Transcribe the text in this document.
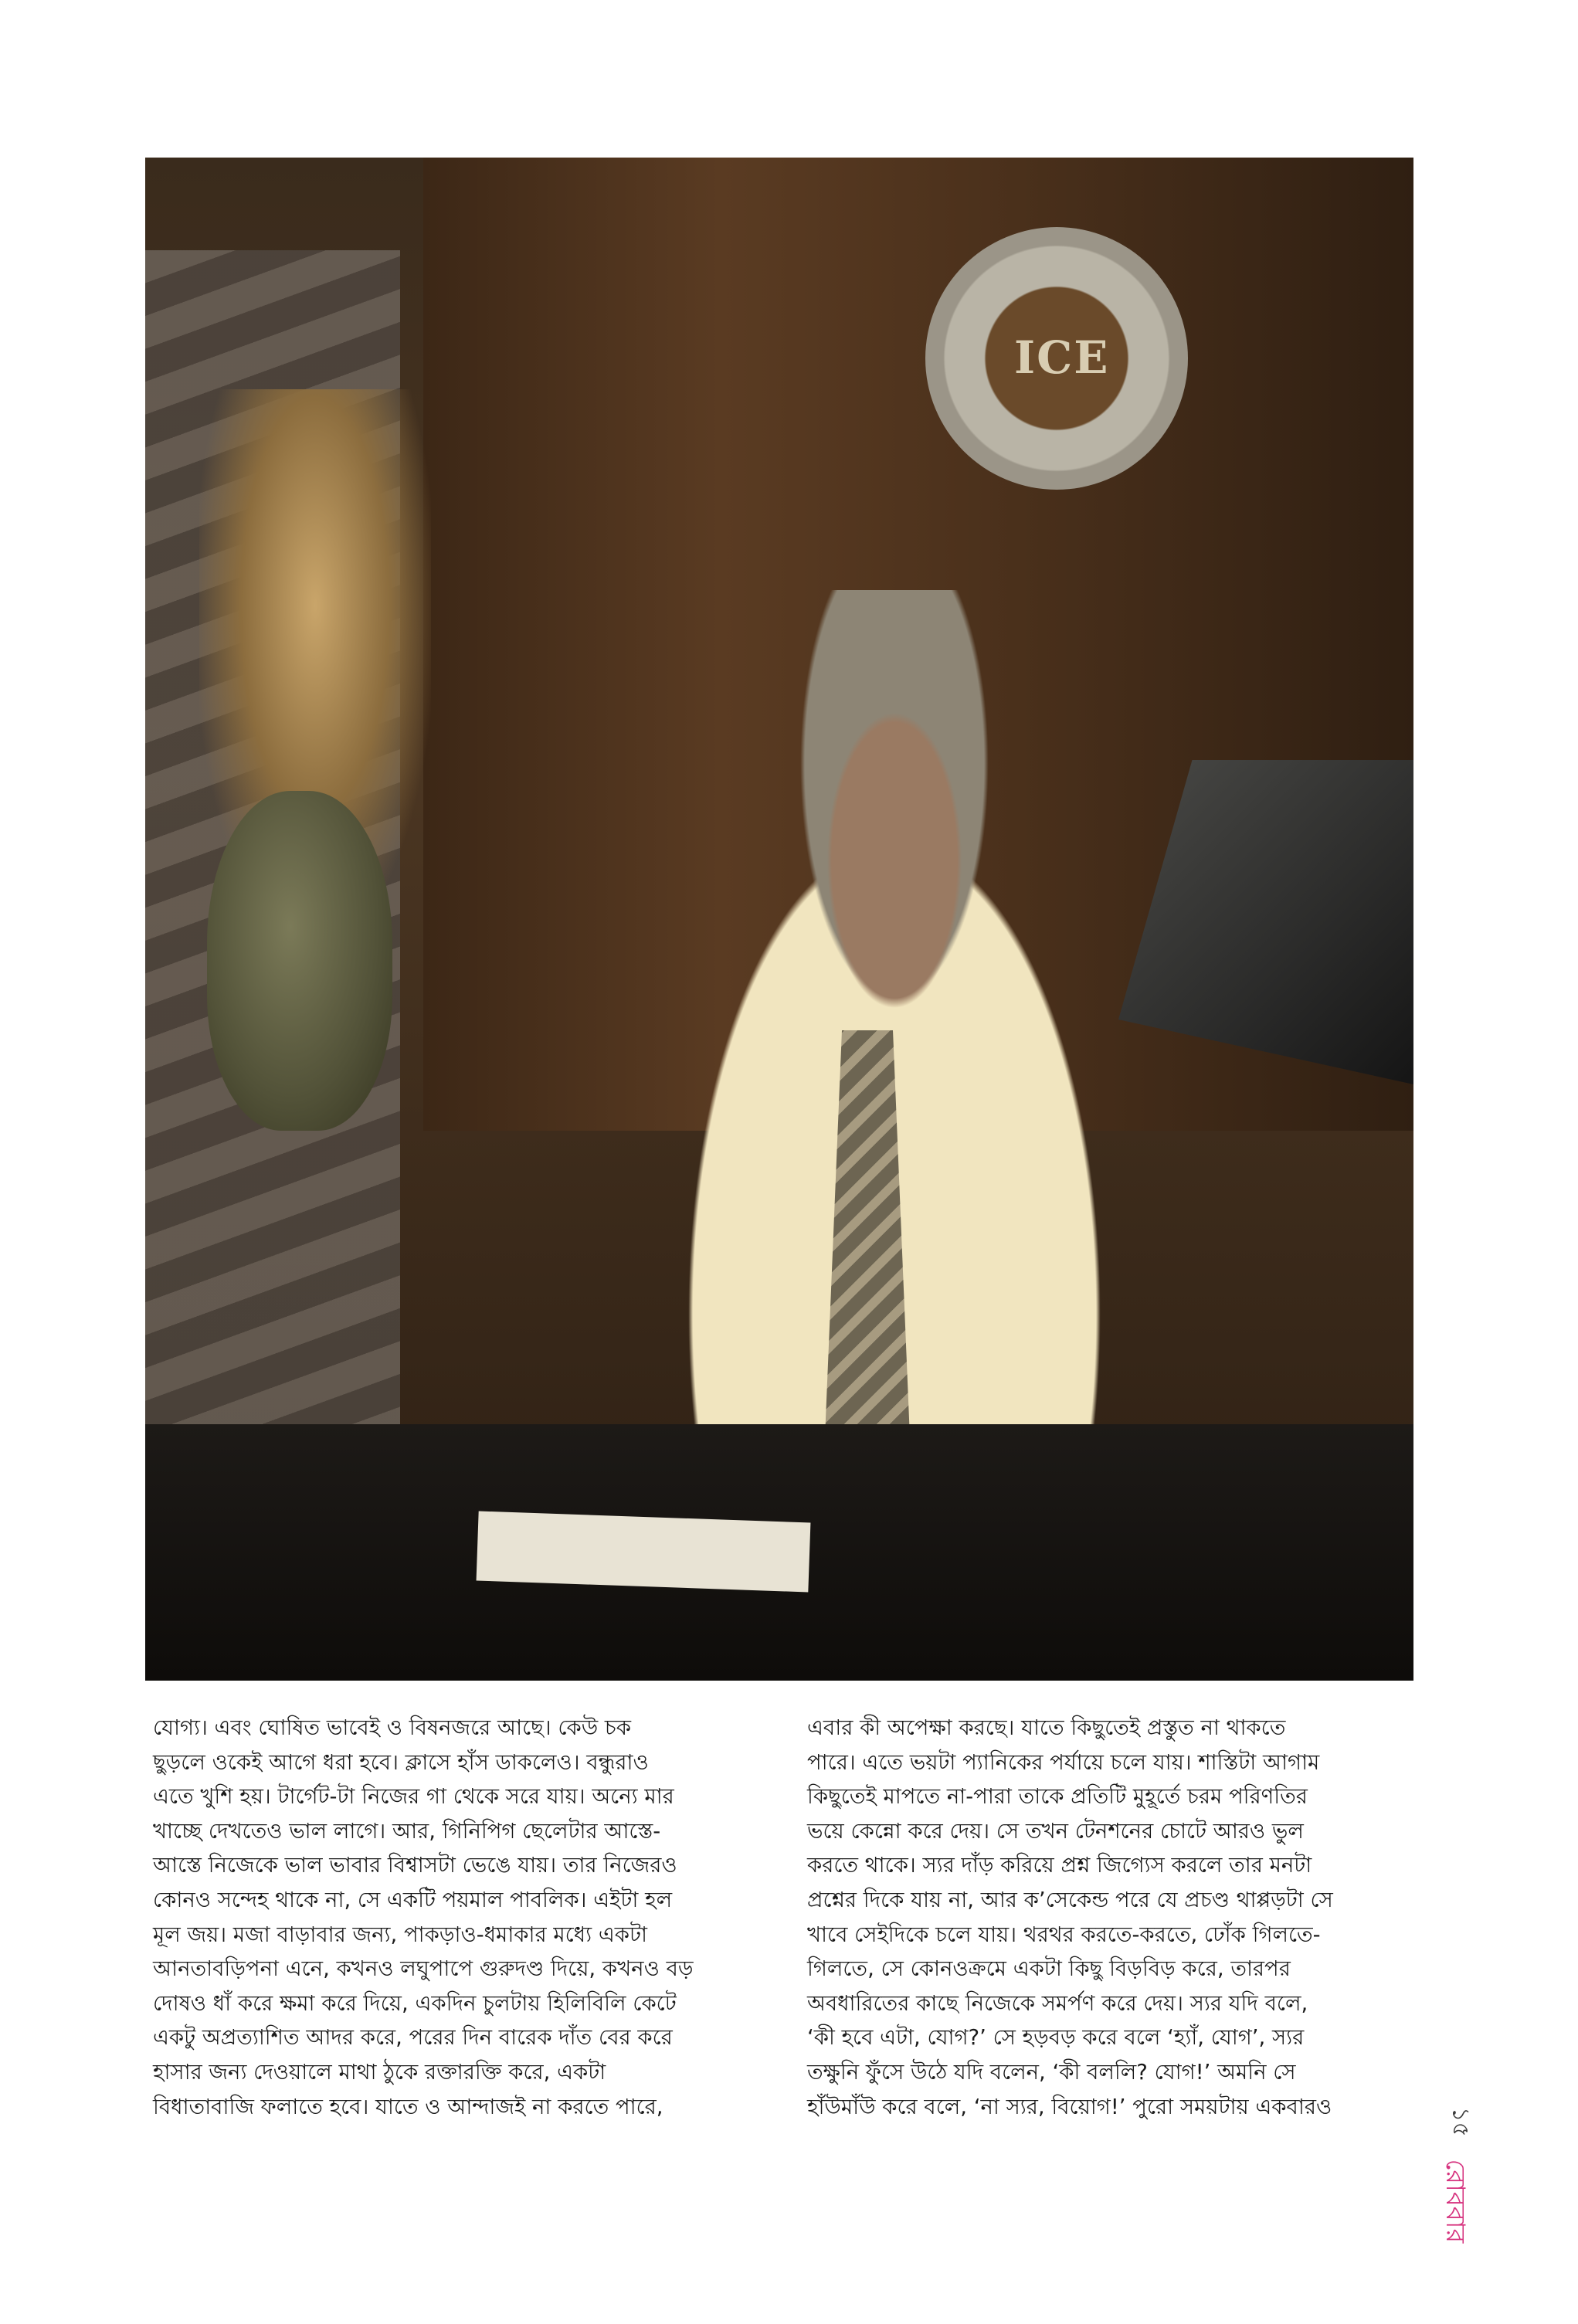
ICE
যোগ্য। এবং ঘোষিত ভাবেই ও বিষনজরে আছে। কেউ চক
ছুড়লে ওকেই আগে ধরা হবে। ক্লাসে হাঁস ডাকলেও। বন্ধুরাও
এতে খুশি হয়। টার্গেট-টা নিজের গা থেকে সরে যায়। অন্যে মার
খাচ্ছে দেখতেও ভাল লাগে। আর, গিনিপিগ ছেলেটার আস্তে-
আস্তে নিজেকে ভাল ভাবার বিশ্বাসটা ভেঙে যায়। তার নিজেরও
কোনও সন্দেহ থাকে না, সে একটি পয়মাল পাবলিক। এইটা হল
মূল জয়। মজা বাড়াবার জন্য, পাকড়াও-ধমাকার মধ্যে একটা
আনতাবড়িপনা এনে, কখনও লঘুপাপে গুরুদণ্ড দিয়ে, কখনও বড়
দোষও ধাঁ করে ক্ষমা করে দিয়ে, একদিন চুলটায় হিলিবিলি কেটে
একটু অপ্রত্যাশিত আদর করে, পরের দিন বারেক দাঁত বের করে
হাসার জন্য দেওয়ালে মাথা ঠুকে রক্তারক্তি করে, একটা
বিধাতাবাজি ফলাতে হবে। যাতে ও আন্দাজই না করতে পারে,
এবার কী অপেক্ষা করছে। যাতে কিছুতেই প্রস্তুত না থাকতে
পারে। এতে ভয়টা প্যানিকের পর্যায়ে চলে যায়। শাস্তিটা আগাম
কিছুতেই মাপতে না-পারা তাকে প্রতিটি মুহূর্তে চরম পরিণতির
ভয়ে কেন্নো করে দেয়। সে তখন টেনশনের চোটে আরও ভুল
করতে থাকে। স্যর দাঁড় করিয়ে প্রশ্ন জিগ্যেস করলে তার মনটা
প্রশ্নের দিকে যায় না, আর ক’সেকেন্ড পরে যে প্রচণ্ড থাপ্পড়টা সে
খাবে সেইদিকে চলে যায়। থরথর করতে-করতে, ঢোঁক গিলতে-
গিলতে, সে কোনওক্রমে একটা কিছু বিড়বিড় করে, তারপর
অবধারিতের কাছে নিজেকে সমর্পণ করে দেয়। স্যর যদি বলে,
‘কী হবে এটা, যোগ?’ সে হড়বড় করে বলে ‘হ্যাঁ, যোগ’, স্যর
তক্ষুনি ফুঁসে উঠে যদি বলেন, ‘কী বললি? যোগ!’ অমনি সে
হাঁউমাঁউ করে বলে, ‘না স্যর, বিয়োগ!’ পুরো সময়টায় একবারও
১৫
রোববার
